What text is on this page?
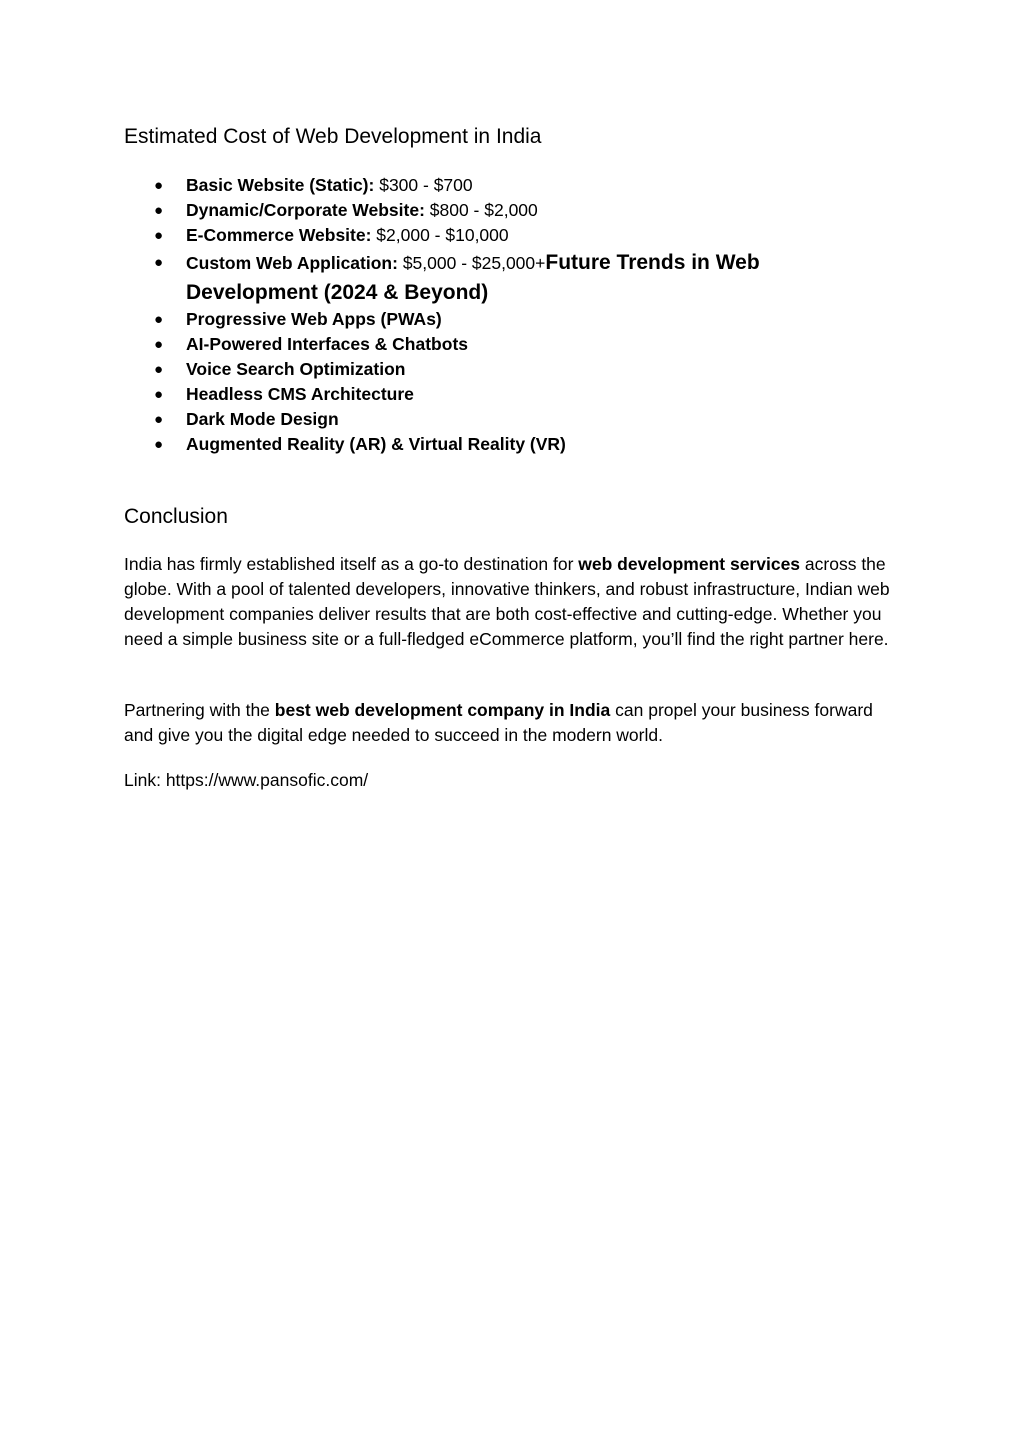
Estimated Cost of Web Development in India
● Basic Website (Static): $300 - $700
● Dynamic/Corporate Website: $800 - $2,000
● E-Commerce Website: $2,000 - $10,000
● Custom Web Application: $5,000 - $25,000+Future Trends in Web
Development (2024 & Beyond)
● Progressive Web Apps (PWAs)
● AI-Powered Interfaces & Chatbots
● Voice Search Optimization
● Headless CMS Architecture
● Dark Mode Design
● Augmented Reality (AR) & Virtual Reality (VR)
Conclusion

India has firmly established itself as a go-to destination for web development services across the globe. With a pool of talented developers, innovative thinkers, and robust infrastructure, Indian web development companies deliver results that are both cost-effective and cutting-edge. Whether you need a simple business site or a full-fledged eCommerce platform, you’ll find the right partner here.

Partnering with the best web development company in India can propel your business forward and give you the digital edge needed to succeed in the modern world.

Link: https://www.pansofic.com/
